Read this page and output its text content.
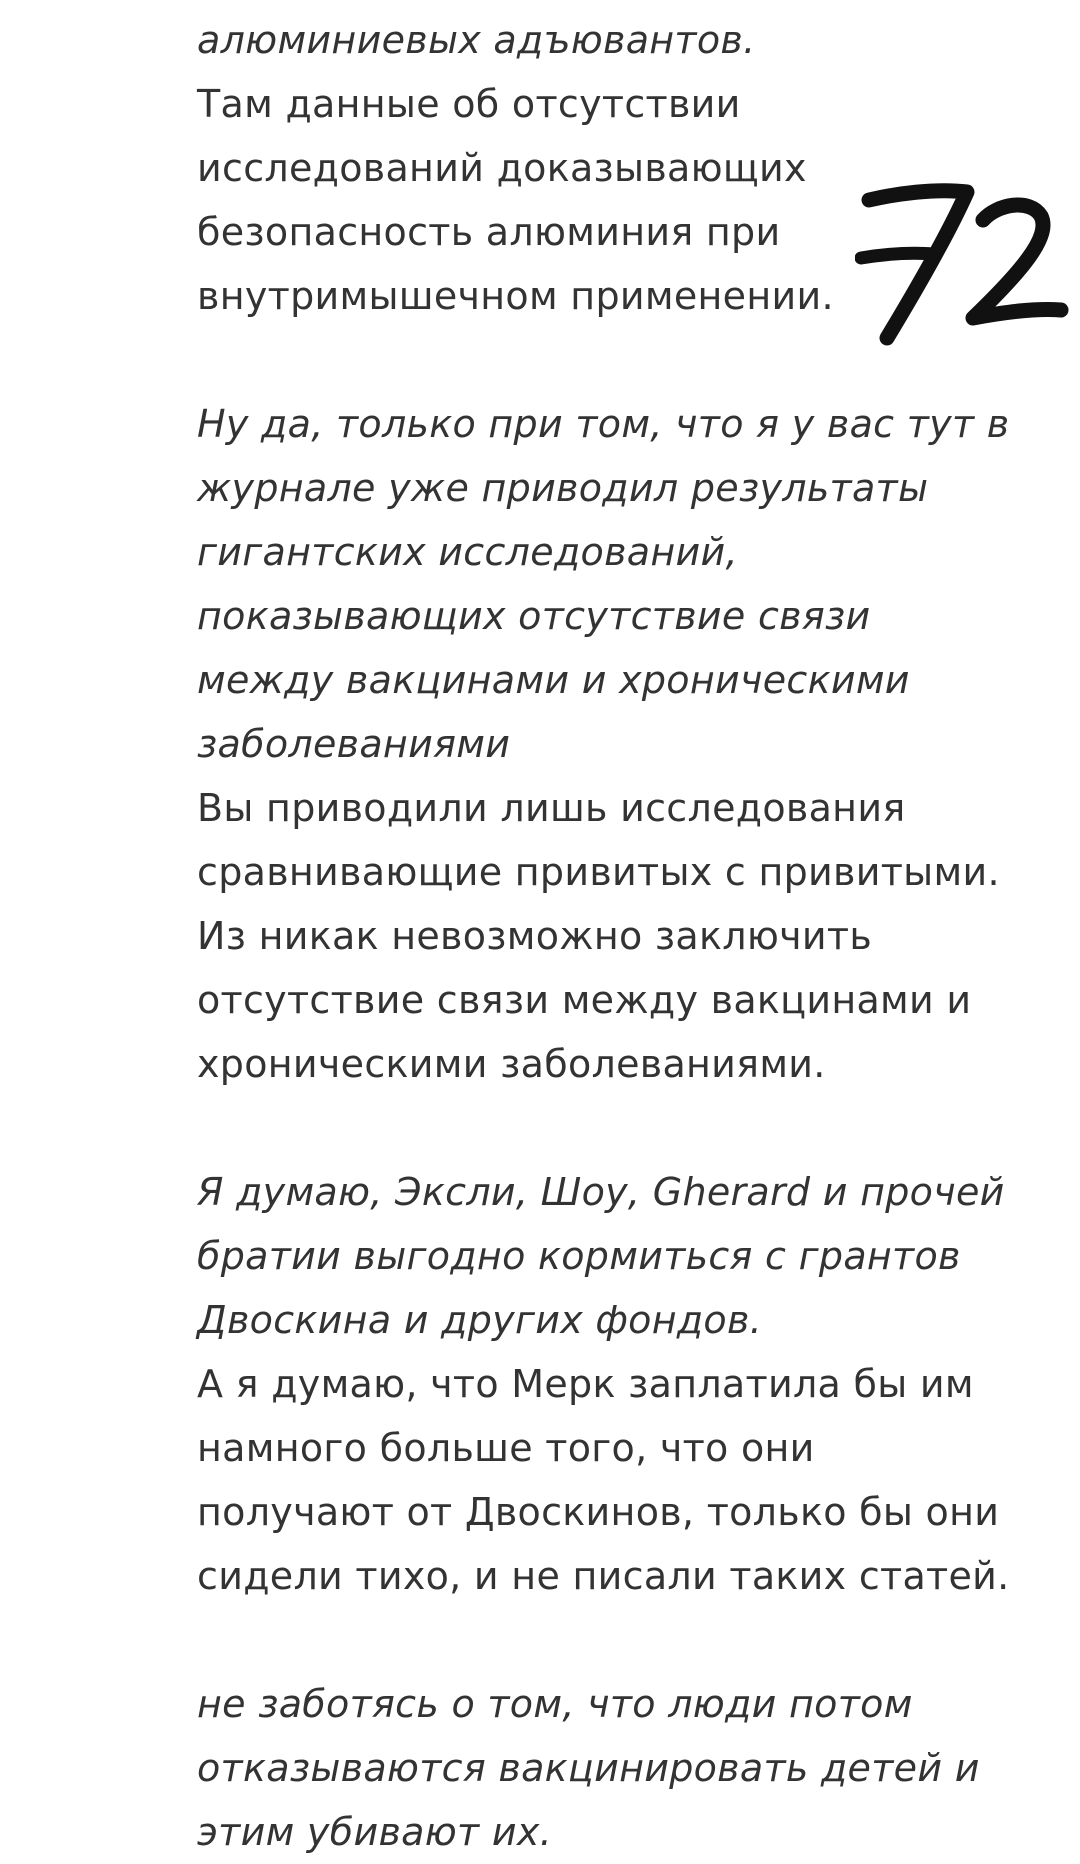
алюминиевых адъювантов.
Там данные об отсутствии
исследований доказывающих
безопасность алюминия при
внутримышечном применении.
Ну да, только при том, что я у вас тут в
журнале уже приводил результаты
гигантских исследований,
показывающих отсутствие связи
между вакцинами и хроническими
заболеваниями
Вы приводили лишь исследования
сравнивающие привитых с привитыми.
Из никак невозможно заключить
отсутствие связи между вакцинами и
хроническими заболеваниями.
Я думаю, Эксли, Шоу, Gherard и прочей
братии выгодно кормиться с грантов
Двоскина и других фондов.
А я думаю, что Мерк заплатила бы им
намного больше того, что они
получают от Двоскинов, только бы они
сидели тихо, и не писали таких статей.
не заботясь о том, что люди потом
отказываются вакцинировать детей и
этим убивают их.
